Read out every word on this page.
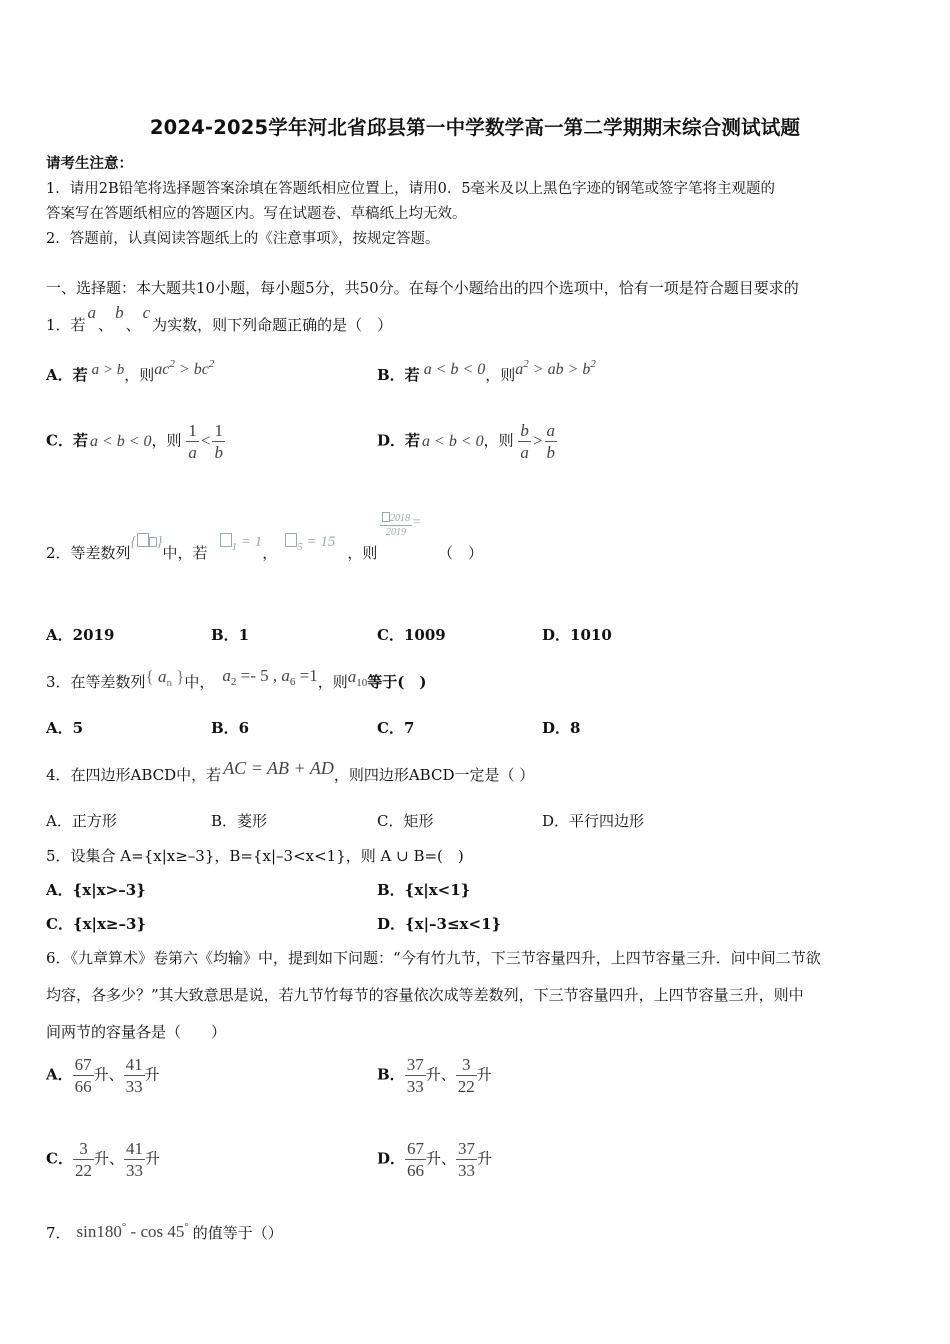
2024-2025学年河北省邱县第一中学数学高一第二学期期末综合测试试题
请考生注意：
1．请用2B铅笔将选择题答案涂填在答题纸相应位置上，请用0．5毫米及以上黑色字迹的钢笔或签字笔将主观题的
答案写在答题纸相应的答题区内。写在试题卷、草稿纸上均无效。
2．答题前，认真阅读答题纸上的《注意事项》，按规定答题。
一、选择题：本大题共10小题，每小题5分，共50分。在每个小题给出的四个选项中，恰有一项是符合题目要求的
1．若a、b、c为实数，则下列命题正确的是（　）
A．若 a > b，则$ac^2 > bc^2$
B．若 a < b < 0，则$a^2$ > ab > $b^2$
C．若 a < b < 0，则 $\frac{1}{a} < \frac{1}{b}$	D．若 a < b < 0，则 $\frac{b}{a} > \frac{a}{b}$
2．等差数列{ }中，若 $_1$ = 1， $_5$ = 15，则
$\frac{2018}{2019}$ =
（　）
A．2019	B．1	C．1009	D．1010
3．在等差数列{ $a_n$ }中， $a_2 =- 5$ , $a_6 =1$，则$a_{10}$等于(　)
A．5	B．6	C．7	D．8
4．在四边形ABCD中，若 AC = AB + AD，则四边形ABCD一定是（ ）
A．正方形	B．菱形	C．矩形	D．平行四边形
5．设集合 A={x|x≥–3}，B={x|–3<x<1}，则 A ∪ B=(　)
A．{x|x>–3}	B．{x|x<1}
C．{x|x≥–3}	D．{x|–3≤x<1}
6．《九章算术》卷第六《均输》中，提到如下问题：“今有竹九节，下三节容量四升，上四节容量三升．问中间二节欲
均容，各多少？”其大致意思是说，若九节竹每节的容量依次成等差数列，下三节容量四升，上四节容量三升，则中
间两节的容量各是（　　）
A． $\frac{67}{66}$ 升、 $\frac{41}{33}$ 升	B． $\frac{37}{33}$ 升、 $\frac{3}{22}$ 升
C． $\frac{3}{22}$ 升、 $\frac{41}{33}$ 升	D． $\frac{67}{66}$ 升、 $\frac{37}{33}$ 升
7． sin180° - cos 45° 的值等于（）
